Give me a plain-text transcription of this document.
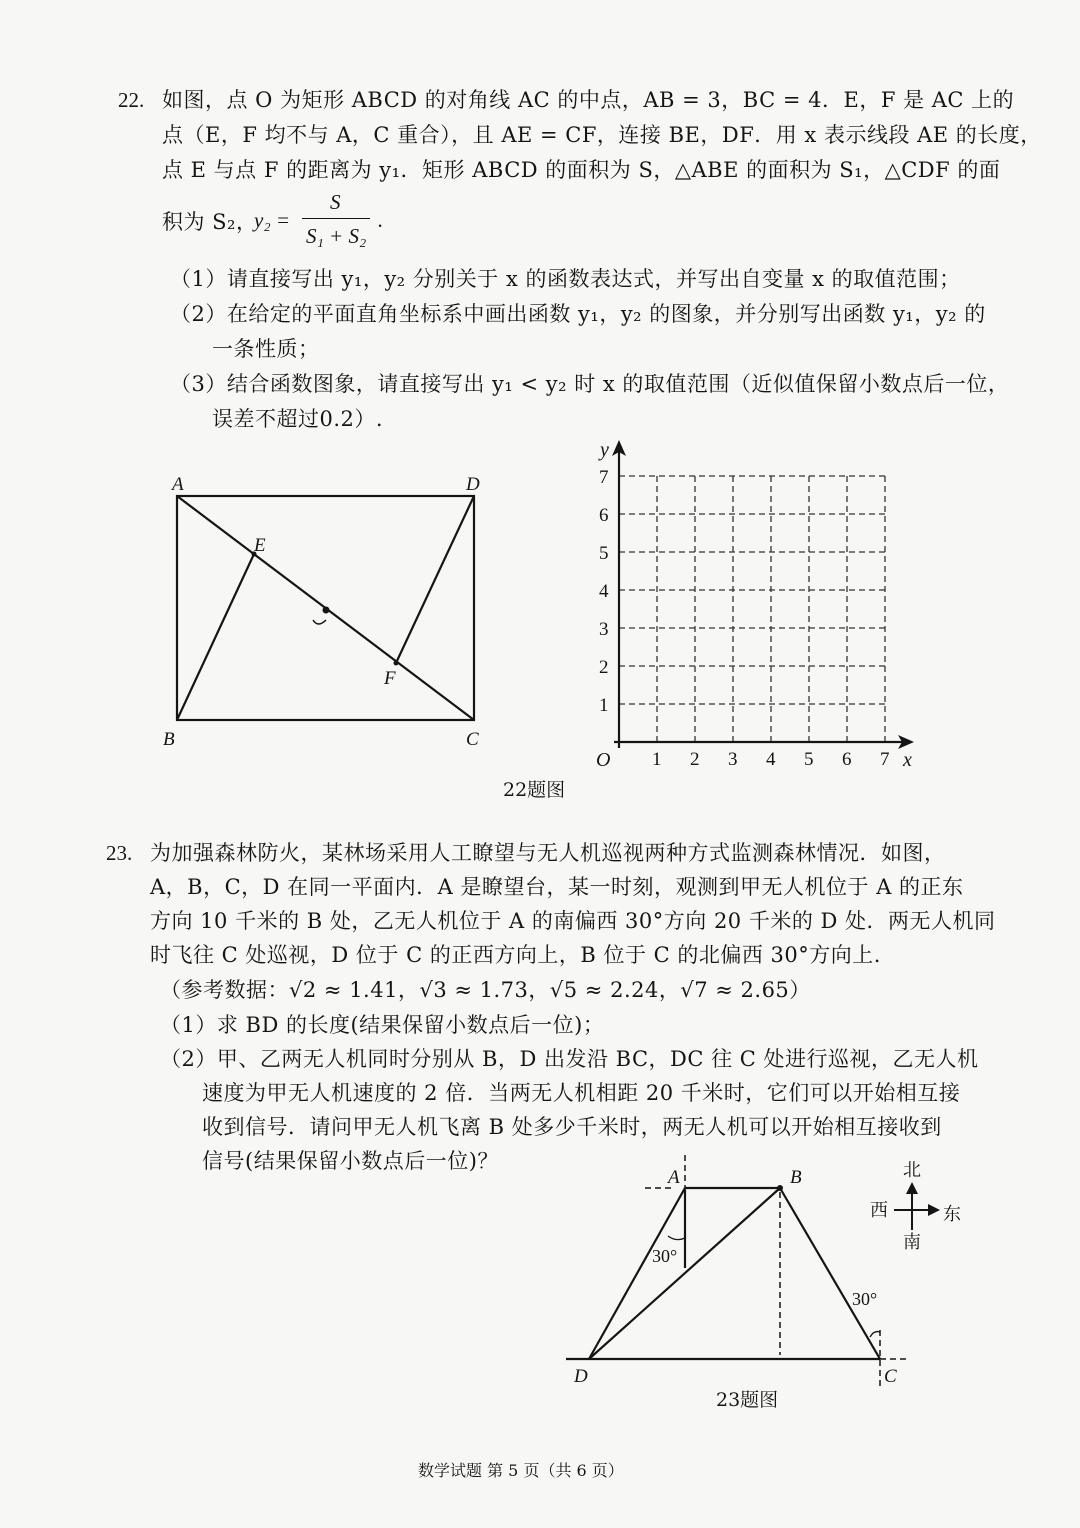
22. 如图，点 O 为矩形 ABCD 的对角线 AC 的中点，AB = 3，BC = 4．E，F 是 AC 上的
点（E，F 均不与 A，C 重合），且 AE = CF，连接 BE，DF．用 x 表示线段 AE 的长度，
点 E 与点 F 的距离为 y₁．矩形 ABCD 的面积为 S，△ABE 的面积为 S₁，△CDF 的面
积为 S₂，
y₂ =
S
S₁ + S₂
.
（1）请直接写出 y₁，y₂ 分别关于 x 的函数表达式，并写出自变量 x 的取值范围；
（2）在给定的平面直角坐标系中画出函数 y₁，y₂ 的图象，并分别写出函数 y₁，y₂ 的
一条性质；
（3）结合函数图象，请直接写出 y₁ < y₂ 时 x 的取值范围（近似值保留小数点后一位，
误差不超过0.2）.
A	D
B	C
E
F
1 2 3 4 5 6 7
1
2
3
4
5
6
7
O	x
y
22题图
23. 为加强森林防火，某林场采用人工瞭望与无人机巡视两种方式监测森林情况．如图，
A，B，C，D 在同一平面内．A 是瞭望台，某一时刻，观测到甲无人机位于 A 的正东
方向 10 千米的 B 处，乙无人机位于 A 的南偏西 30°方向 20 千米的 D 处．两无人机同
时飞往 C 处巡视，D 位于 C 的正西方向上，B 位于 C 的北偏西 30°方向上.
（参考数据：√2 ≈ 1.41，√3 ≈ 1.73，√5 ≈ 2.24，√7 ≈ 2.65）
（1）求 BD 的长度(结果保留小数点后一位)；
（2）甲、乙两无人机同时分别从 B，D 出发沿 BC，DC 往 C 处进行巡视，乙无人机
速度为甲无人机速度的 2 倍．当两无人机相距 20 千米时，它们可以开始相互接
收到信号．请问甲无人机飞离 B 处多少千米时，两无人机可以开始相互接收到
信号(结果保留小数点后一位)？
A	B
C
D
30°
30°
北
西	东
南
23题图
数学试题 第 5 页（共 6 页）
